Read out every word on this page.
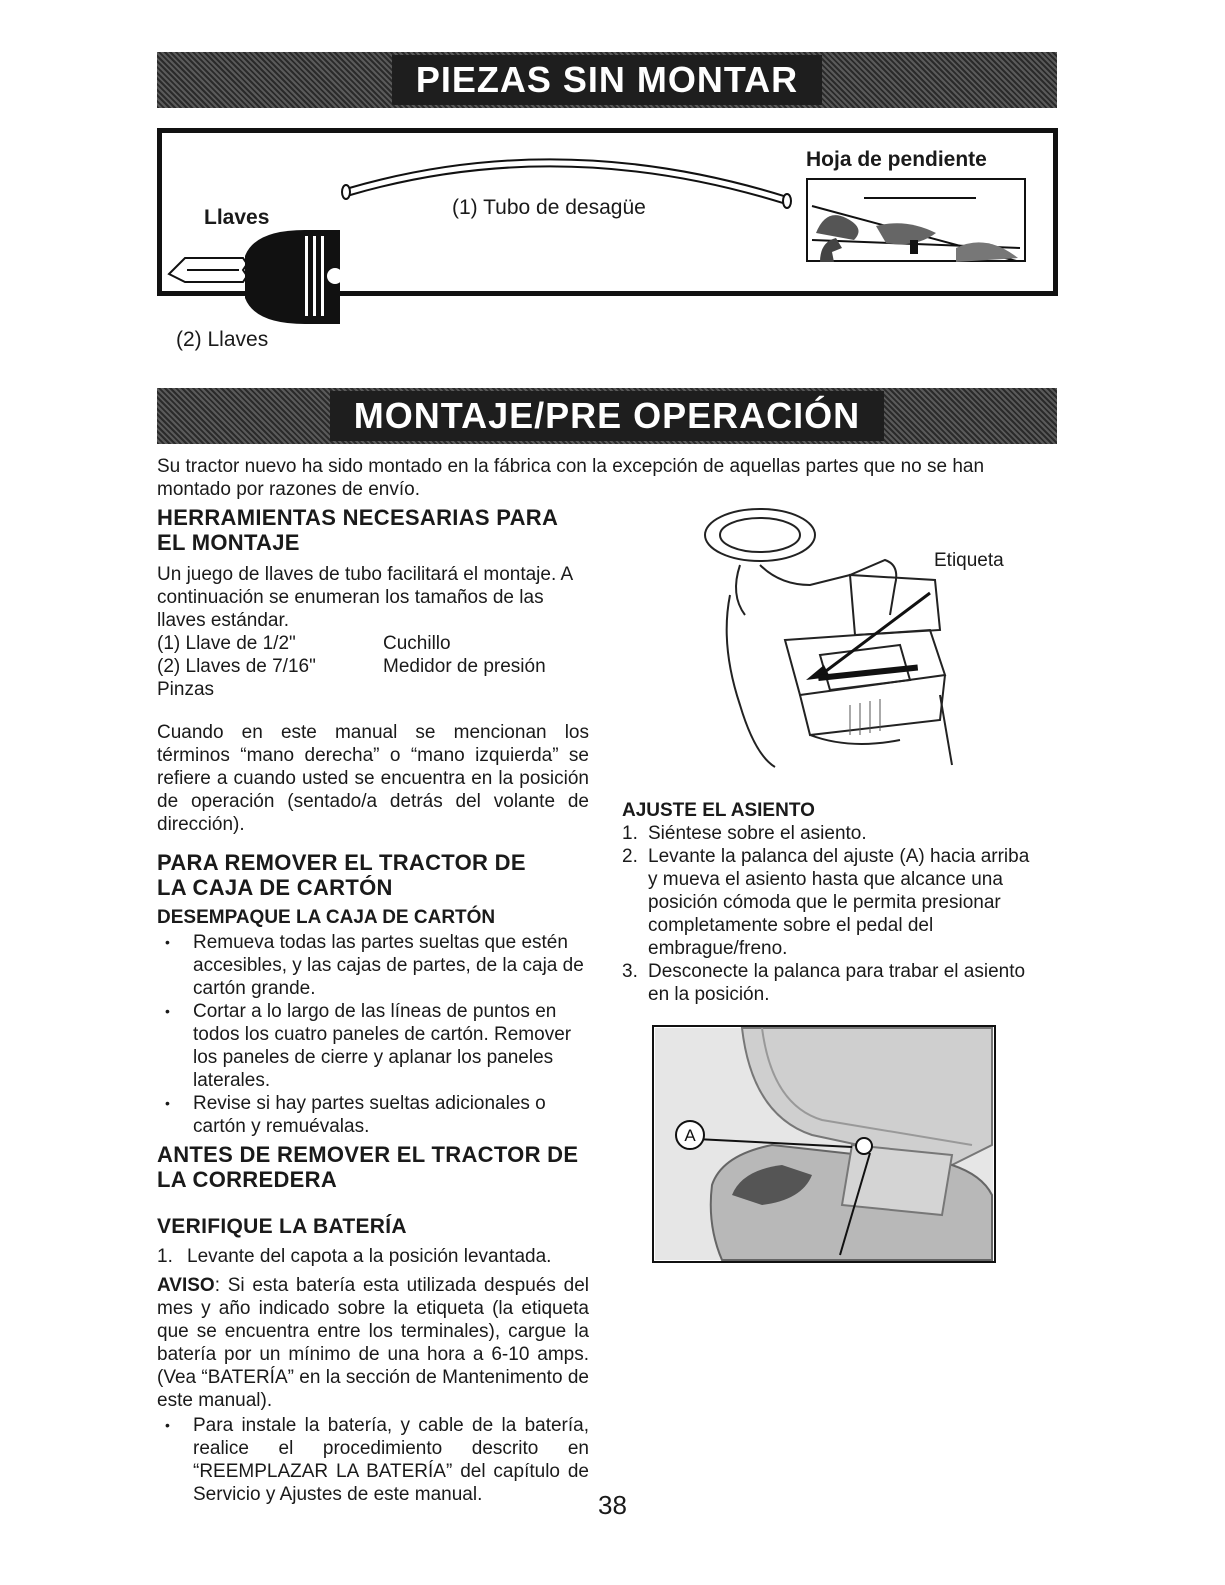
PIEZAS SIN MONTAR
Llaves
(2) Llaves
(1) Tubo de desagüe
Hoja de pendiente
MONTAJE/PRE OPERACIÓN
Su tractor nuevo ha sido montado en la fábrica con la excepción de aquellas partes que no se han montado por razones de envío.
HERRAMIENTAS NECESARIAS PARA
EL MONTAJE
Un juego de llaves de tubo facilitará el montaje. A continuación se enumeran los tamaños de las llaves estándar.
(1) Llave de 1/2"	Cuchillo
(2) Llaves de 7/16"	Medidor de presión
Pinzas
Cuando en este manual se mencionan los términos “mano derecha” o “mano izquierda” se refiere a cuando usted se encuentra en la posición de operación (sentado/a detrás del volante de dirección).
PARA REMOVER EL TRACTOR DE
LA CAJA DE CARTÓN
DESEMPAQUE LA CAJA DE CARTÓN
• Remueva todas las partes sueltas que estén accesibles, y las cajas de partes, de la caja de cartón grande.
• Cortar a lo largo de las líneas de puntos en todos los cuatro paneles de cartón. Remover los paneles de cierre y aplanar los paneles laterales.
• Revise si hay partes sueltas adicionales o cartón y remuévalas.
ANTES DE REMOVER EL TRACTOR DE
LA CORREDERA
VERIFIQUE LA BATERÍA
1. Levante del capota a la posición levantada.
AVISO: Si esta batería esta utilizada después del mes y año indicado sobre la etiqueta (la etiqueta que se encuentra entre los terminales), cargue la batería por un mínimo de una hora a 6-10 amps. (Vea “BATERÍA” en la sección de Mantenimento de este manual).
• Para instale la batería, y cable de la batería, realice el procedimiento descrito en “REEMPLAZAR LA BATERÍA” del capítulo de Servicio y Ajustes de este manual.
Etiqueta
AJUSTE EL ASIENTO
1. Siéntese sobre el asiento.
2. Levante la palanca del ajuste (A) hacia arriba y mueva el asiento hasta que alcance una posición cómoda que le permita presionar completamente sobre el pedal del embrague/freno.
3. Desconecte la palanca para trabar el asiento en la posición.
A
38
